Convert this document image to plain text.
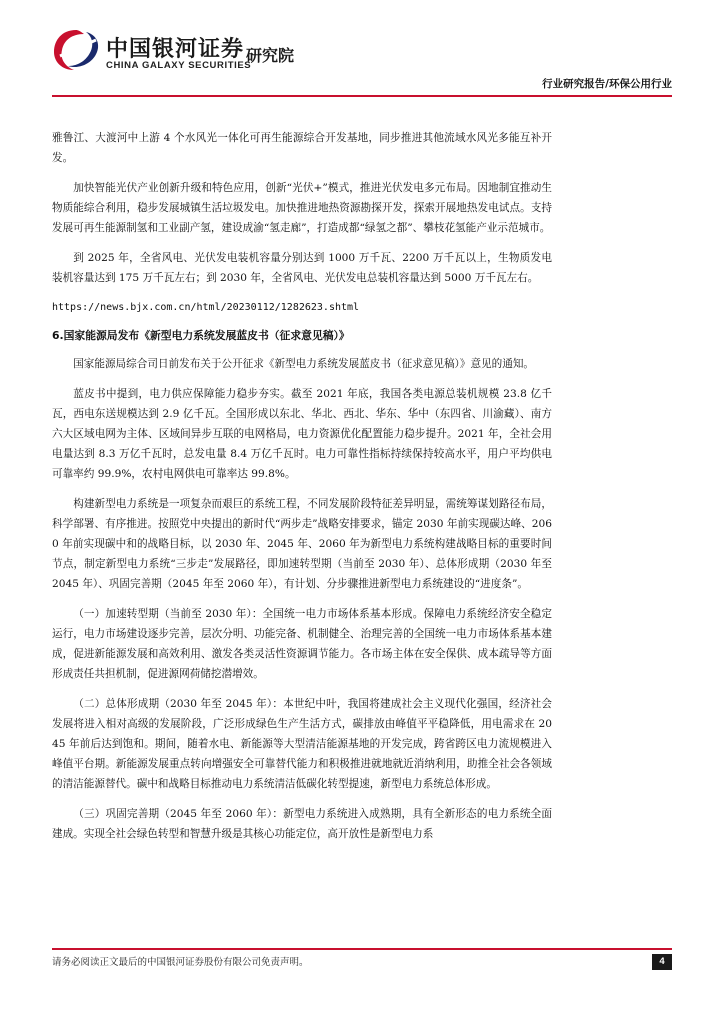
中国银河证券
CHINA GALAXY SECURITIES
研究院
行业研究报告/环保公用行业

雅鲁江、大渡河中上游 4 个水风光一体化可再生能源综合开发基地，同步推进其他流域水风光多能互补开发。

加快智能光伏产业创新升级和特色应用，创新“光伏+”模式，推进光伏发电多元布局。因地制宜推动生物质能综合利用，稳步发展城镇生活垃圾发电。加快推进地热资源勘探开发，探索开展地热发电试点。支持发展可再生能源制氢和工业副产氢，建设成渝“氢走廊”，打造成都“绿氢之都”、攀枝花氢能产业示范城市。

到 2025 年，全省风电、光伏发电装机容量分别达到 1000 万千瓦、2200 万千瓦以上，生物质发电装机容量达到 175 万千瓦左右；到 2030 年，全省风电、光伏发电总装机容量达到 5000 万千瓦左右。

https://news.bjx.com.cn/html/20230112/1282623.shtml

6.国家能源局发布《新型电力系统发展蓝皮书（征求意见稿）》

国家能源局综合司日前发布关于公开征求《新型电力系统发展蓝皮书（征求意见稿）》意见的通知。

蓝皮书中提到，电力供应保障能力稳步夯实。截至 2021 年底，我国各类电源总装机规模 23.8 亿千瓦，西电东送规模达到 2.9 亿千瓦。全国形成以东北、华北、西北、华东、华中（东四省、川渝藏）、南方六大区域电网为主体、区域间异步互联的电网格局，电力资源优化配置能力稳步提升。2021 年，全社会用电量达到 8.3 万亿千瓦时，总发电量 8.4 万亿千瓦时。电力可靠性指标持续保持较高水平，用户平均供电可靠率约 99.9%，农村电网供电可靠率达 99.8%。

构建新型电力系统是一项复杂而艰巨的系统工程，不同发展阶段特征差异明显，需统筹谋划路径布局，科学部署、有序推进。按照党中央提出的新时代“两步走”战略安排要求，锚定 2030 年前实现碳达峰、2060 年前实现碳中和的战略目标，以 2030 年、2045 年、2060 年为新型电力系统构建战略目标的重要时间节点，制定新型电力系统“三步走”发展路径，即加速转型期（当前至 2030 年）、总体形成期（2030 年至 2045 年）、巩固完善期（2045 年至 2060 年），有计划、分步骤推进新型电力系统建设的“进度条”。

（一）加速转型期（当前至 2030 年）：全国统一电力市场体系基本形成。保障电力系统经济安全稳定运行，电力市场建设逐步完善，层次分明、功能完备、机制健全、治理完善的全国统一电力市场体系基本建成，促进新能源发展和高效利用、激发各类灵活性资源调节能力。各市场主体在安全保供、成本疏导等方面形成责任共担机制，促进源网荷储挖潜增效。

（二）总体形成期（2030 年至 2045 年）：本世纪中叶，我国将建成社会主义现代化强国，经济社会发展将进入相对高级的发展阶段，广泛形成绿色生产生活方式，碳排放由峰值平平稳降低，用电需求在 2045 年前后达到饱和。期间，随着水电、新能源等大型清洁能源基地的开发完成，跨省跨区电力流规模进入峰值平台期。新能源发展重点转向增强安全可靠替代能力和积极推进就地就近消纳利用，助推全社会各领域的清洁能源替代。碳中和战略目标推动电力系统清洁低碳化转型提速，新型电力系统总体形成。

（三）巩固完善期（2045 年至 2060 年）：新型电力系统进入成熟期，具有全新形态的电力系统全面建成。实现全社会绿色转型和智慧升级是其核心功能定位，高开放性是新型电力系

请务必阅读正文最后的中国银河证券股份有限公司免责声明。	4
